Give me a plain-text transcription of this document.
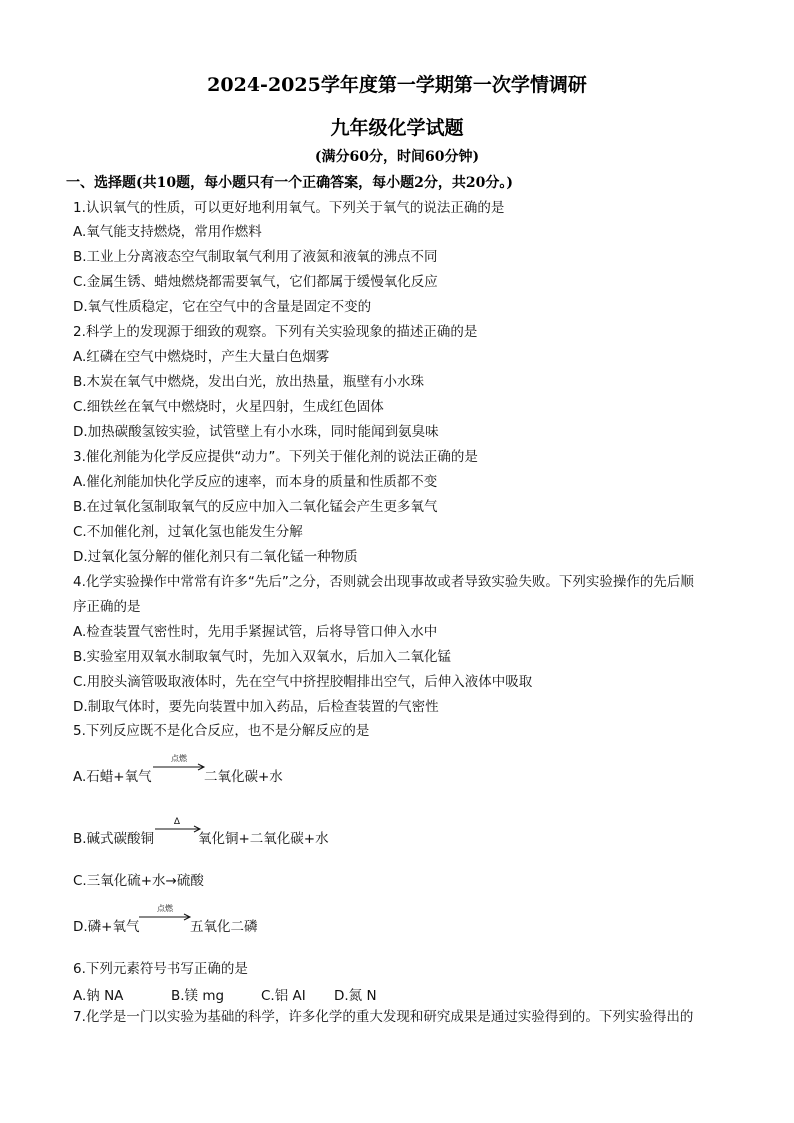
2024-2025学年度第一学期第一次学情调研
九年级化学试题
(满分60分，时间60分钟)
一、选择题(共10题，每小题只有一个正确答案，每小题2分，共20分。)
1.认识氧气的性质，可以更好地利用氧气。下列关于氧气的说法正确的是
A.氧气能支持燃烧，常用作燃料
B.工业上分离液态空气制取氧气利用了液氮和液氧的沸点不同
C.金属生锈、蜡烛燃烧都需要氧气，它们都属于缓慢氧化反应
D.氧气性质稳定，它在空气中的含量是固定不变的
2.科学上的发现源于细致的观察。下列有关实验现象的描述正确的是
A.红磷在空气中燃烧时，产生大量白色烟雾
B.木炭在氧气中燃烧，发出白光，放出热量，瓶壁有小水珠
C.细铁丝在氧气中燃烧时，火星四射，生成红色固体
D.加热碳酸氢铵实验，试管壁上有小水珠，同时能闻到氨臭味
3.催化剂能为化学反应提供“动力”。下列关于催化剂的说法正确的是
A.催化剂能加快化学反应的速率，而本身的质量和性质都不变
B.在过氧化氢制取氧气的反应中加入二氧化锰会产生更多氧气
C.不加催化剂，过氧化氢也能发生分解
D.过氧化氢分解的催化剂只有二氧化锰一种物质
4.化学实验操作中常常有许多“先后”之分，否则就会出现事故或者导致实验失败。下列实验操作的先后顺
序正确的是
A.检查装置气密性时，先用手紧握试管，后将导管口伸入水中
B.实验室用双氧水制取氧气时，先加入双氧水，后加入二氧化锰
C.用胶头滴管吸取液体时，先在空气中挤捏胶帽排出空气，后伸入液体中吸取
D.制取气体时，要先向装置中加入药品，后检查装置的气密性
5.下列反应既不是化合反应，也不是分解反应的是
A.石蜡+氧气
点燃
二氧化碳+水
B.碱式碳酸铜
Δ
氧化铜+二氧化碳+水
C.三氧化硫+水→硫酸
D.磷+氧气
点燃
五氧化二磷
6.下列元素符号书写正确的是
A.钠 NA	B.镁 mg	C.铝 AI D.氮 N
7.化学是一门以实验为基础的科学，许多化学的重大发现和研究成果是通过实验得到的。下列实验得出的
